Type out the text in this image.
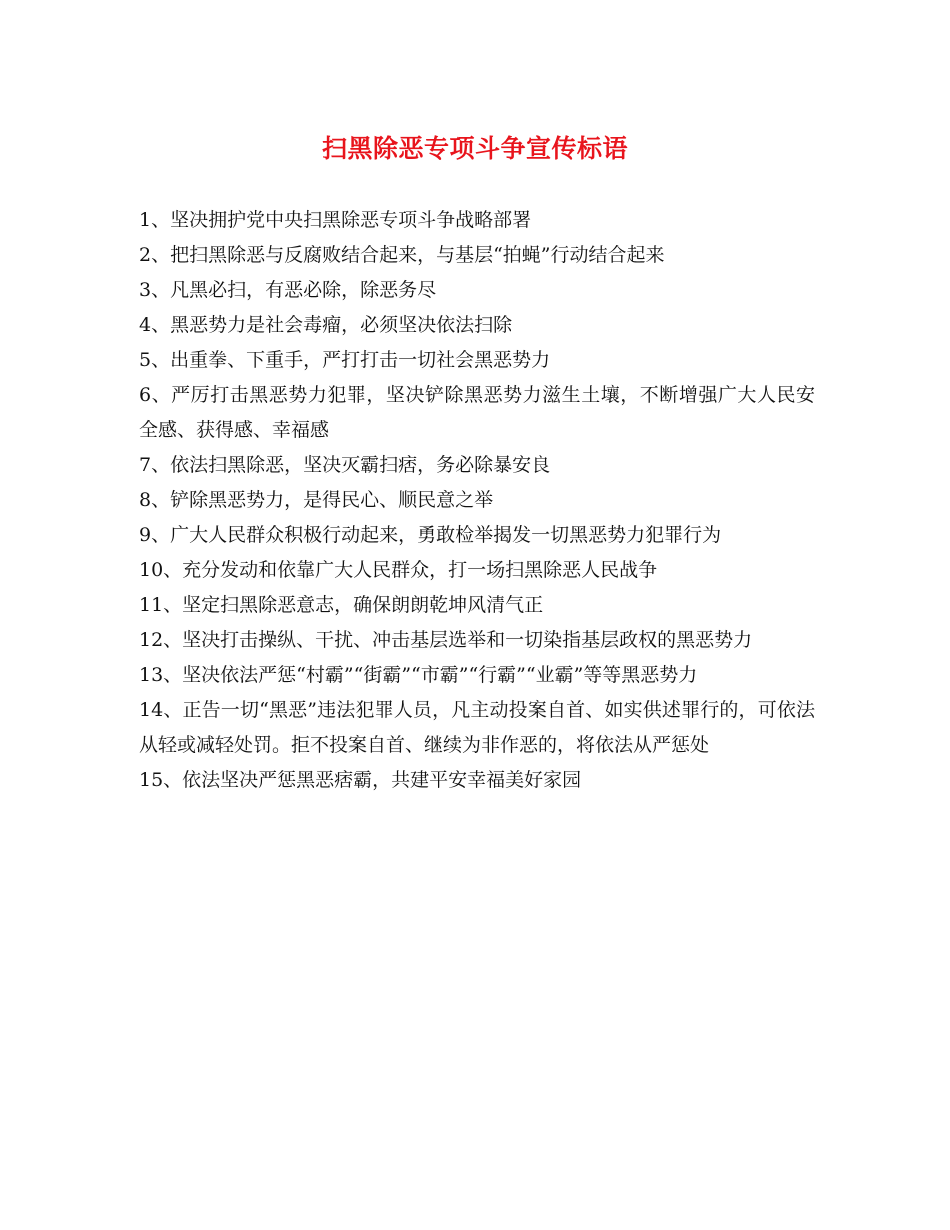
扫黑除恶专项斗争宣传标语
1、坚决拥护党中央扫黑除恶专项斗争战略部署
2、把扫黑除恶与反腐败结合起来，与基层“拍蝇”行动结合起来
3、凡黑必扫，有恶必除，除恶务尽
4、黑恶势力是社会毒瘤，必须坚决依法扫除
5、出重拳、下重手，严打打击一切社会黑恶势力
6、严厉打击黑恶势力犯罪，坚决铲除黑恶势力滋生土壤，不断增强广大人民安全感、获得感、幸福感
7、依法扫黑除恶，坚决灭霸扫痞，务必除暴安良
8、铲除黑恶势力，是得民心、顺民意之举
9、广大人民群众积极行动起来，勇敢检举揭发一切黑恶势力犯罪行为
10、充分发动和依靠广大人民群众，打一场扫黑除恶人民战争
11、坚定扫黑除恶意志，确保朗朗乾坤风清气正
12、坚决打击操纵、干扰、冲击基层选举和一切染指基层政权的黑恶势力
13、坚决依法严惩“村霸”“街霸”“市霸”“行霸”“业霸”等等黑恶势力
14、正告一切“黑恶”违法犯罪人员，凡主动投案自首、如实供述罪行的，可依法从轻或减轻处罚。拒不投案自首、继续为非作恶的，将依法从严惩处
15、依法坚决严惩黑恶痞霸，共建平安幸福美好家园
